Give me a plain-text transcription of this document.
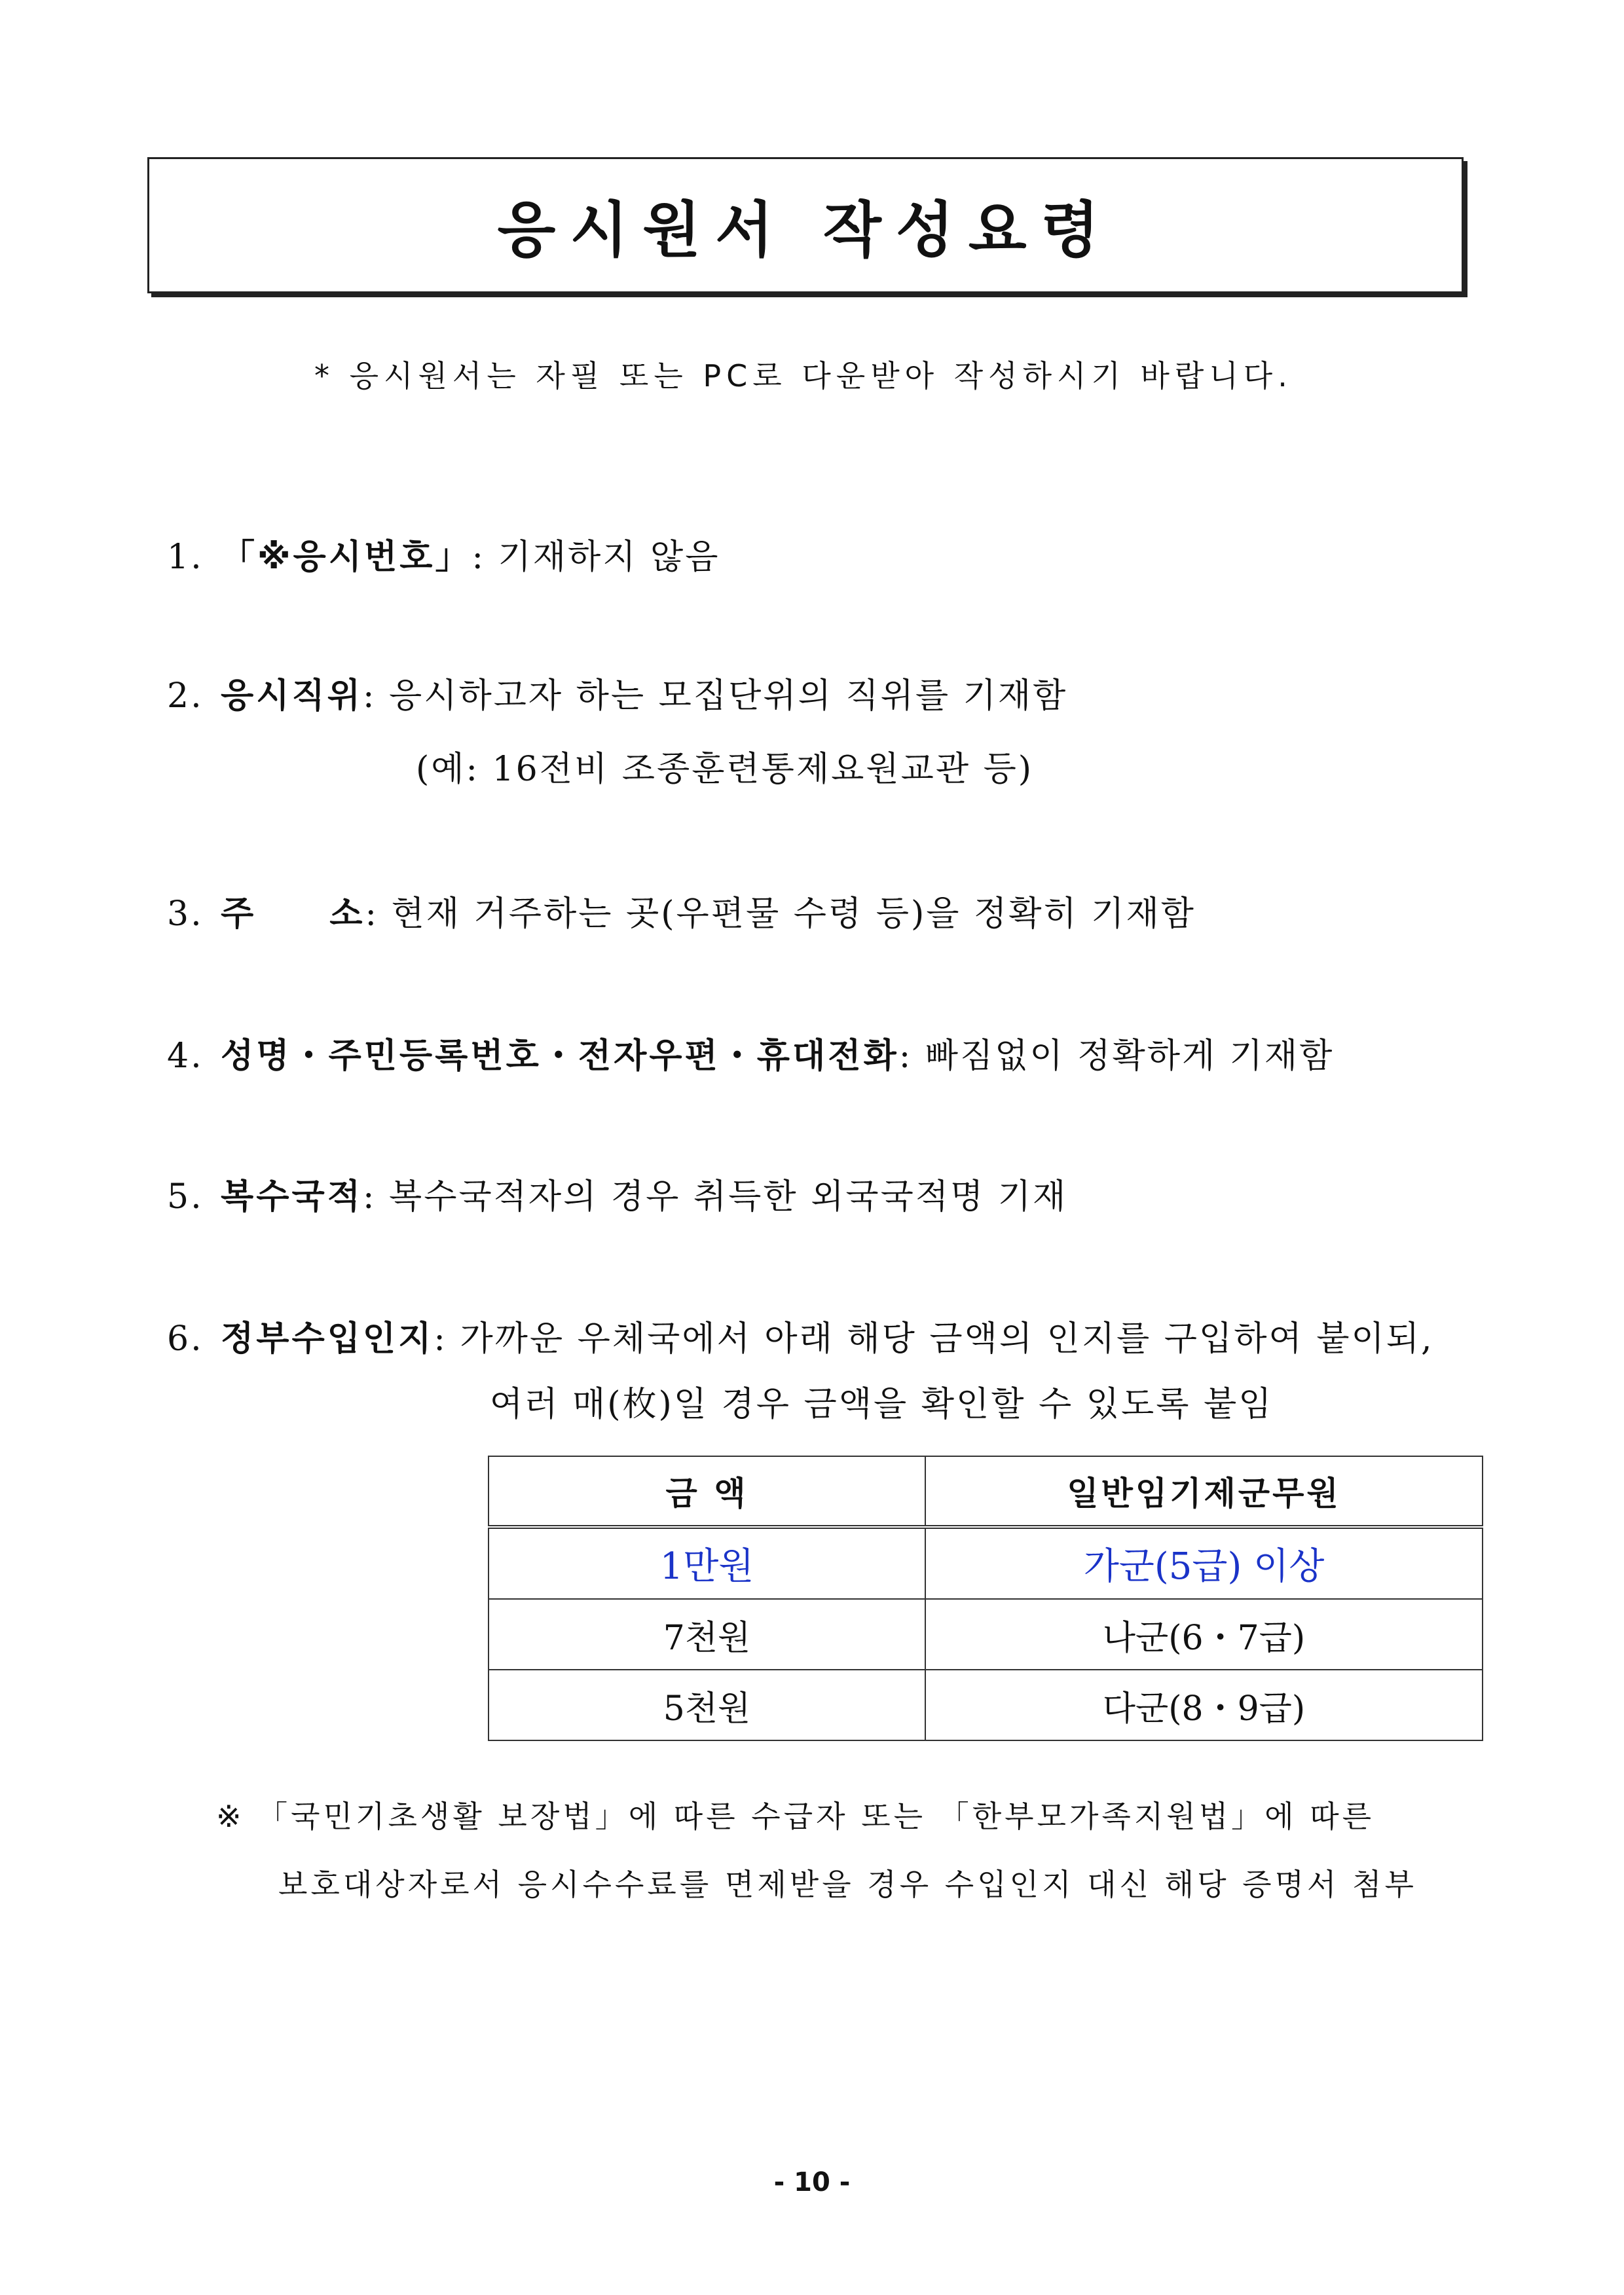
응시원서 작성요령
* 응시원서는 자필 또는 PC로 다운받아 작성하시기 바랍니다.
1. 「※응시번호」: 기재하지 않음
2. 응시직위: 응시하고자 하는 모집단위의 직위를 기재함
(예: 16전비 조종훈련통제요원교관 등)
3. 주　　소: 현재 거주하는 곳(우편물 수령 등)을 정확히 기재함
4. 성명・주민등록번호・전자우편・휴대전화: 빠짐없이 정확하게 기재함
5. 복수국적: 복수국적자의 경우 취득한 외국국적명 기재
6. 정부수입인지: 가까운 우체국에서 아래 해당 금액의 인지를 구입하여 붙이되,
여러 매(枚)일 경우 금액을 확인할 수 있도록 붙임
금 액	일반임기제군무원
1만원	가군(5급) 이상
7천원	나군(6・7급)
5천원	다군(8・9급)
※ 「국민기초생활 보장법」에 따른 수급자 또는 「한부모가족지원법」에 따른
보호대상자로서 응시수수료를 면제받을 경우 수입인지 대신 해당 증명서 첨부
- 10 -
